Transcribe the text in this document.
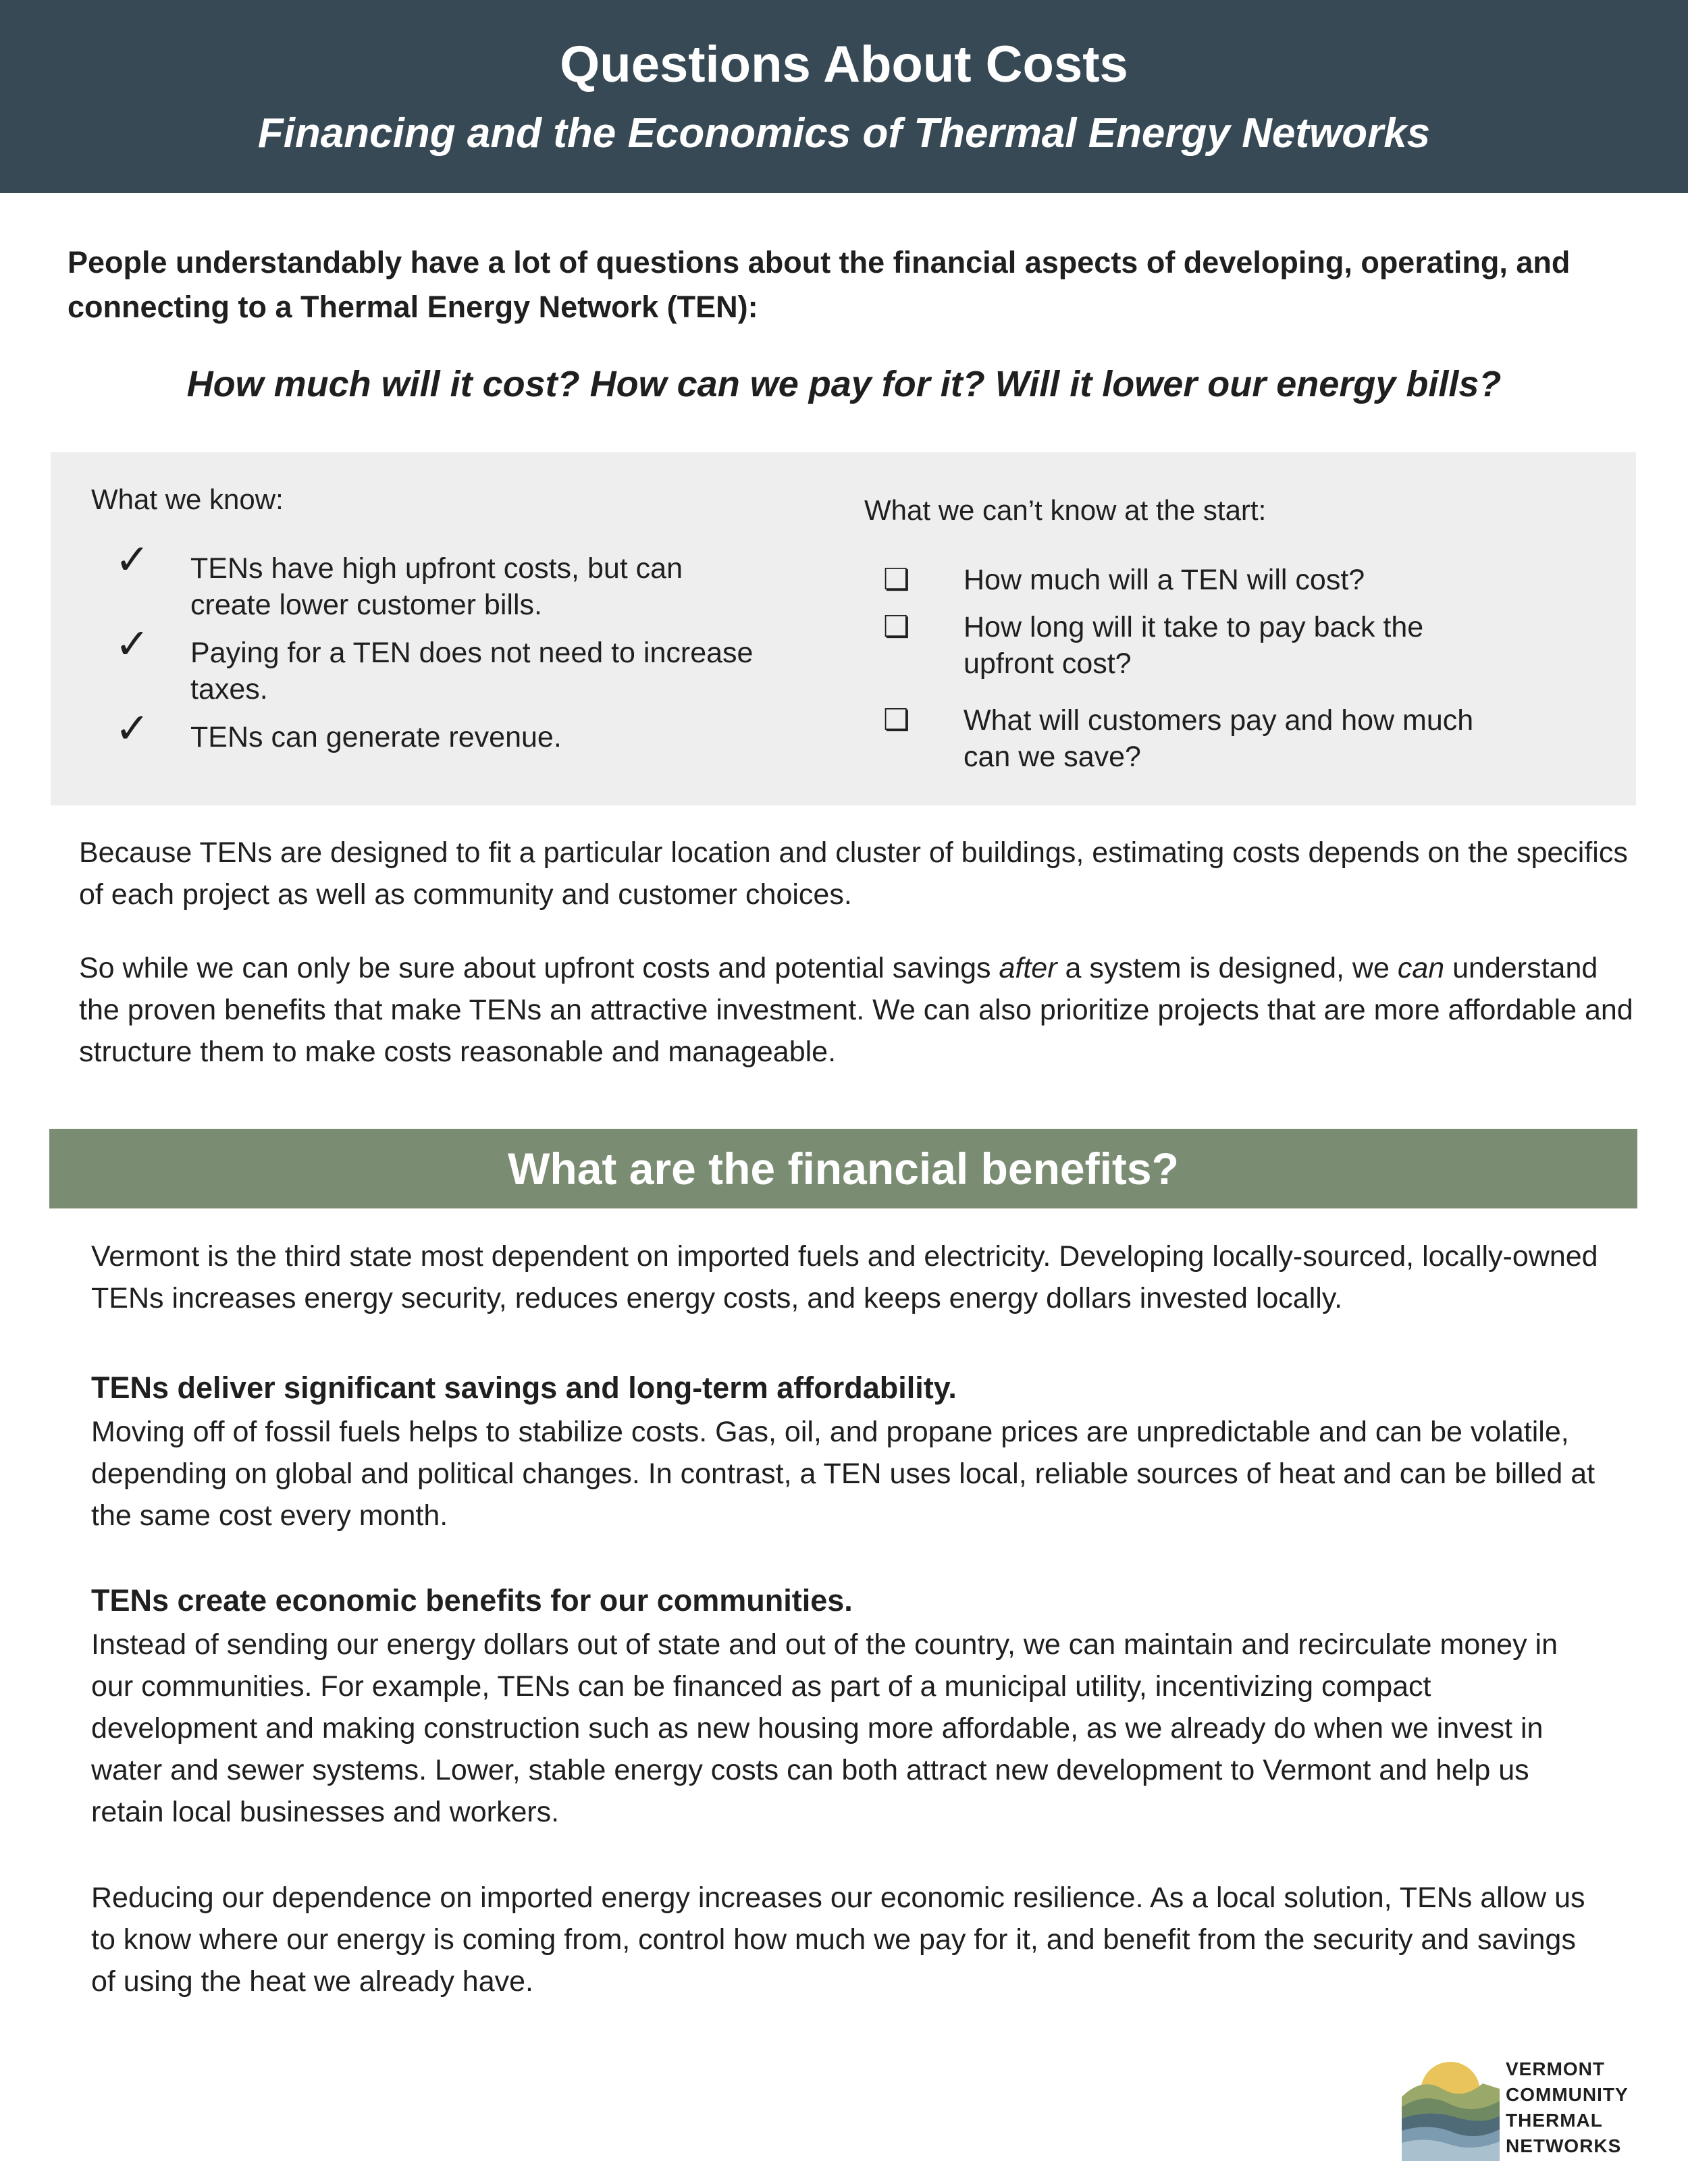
Questions About Costs

Financing and the Economics of Thermal Energy Networks

People understandably have a lot of questions about the financial aspects of developing, operating, and connecting to a Thermal Energy Network (TEN):

How much will it cost? How can we pay for it? Will it lower our energy bills?

What we know:

✓ TENs have high upfront costs, but can create lower customer bills.
✓ Paying for a TEN does not need to increase taxes.
✓ TENs can generate revenue.

What we can’t know at the start:

❏ How much will a TEN will cost?
❏ How long will it take to pay back the upfront cost?
❏ What will customers pay and how much can we save?

Because TENs are designed to fit a particular location and cluster of buildings, estimating costs depends on the specifics of each project as well as community and customer choices.

So while we can only be sure about upfront costs and potential savings after a system is designed, we can understand the proven benefits that make TENs an attractive investment. We can also prioritize projects that are more affordable and structure them to make costs reasonable and manageable.

What are the financial benefits?

Vermont is the third state most dependent on imported fuels and electricity. Developing locally-sourced, locally-owned TENs increases energy security, reduces energy costs, and keeps energy dollars invested locally.

TENs deliver significant savings and long-term affordability.

Moving off of fossil fuels helps to stabilize costs. Gas, oil, and propane prices are unpredictable and can be volatile, depending on global and political changes. In contrast, a TEN uses local, reliable sources of heat and can be billed at the same cost every month.

TENs create economic benefits for our communities.

Instead of sending our energy dollars out of state and out of the country, we can maintain and recirculate money in our communities. For example, TENs can be financed as part of a municipal utility, incentivizing compact development and making construction such as new housing more affordable, as we already do when we invest in water and sewer systems. Lower, stable energy costs can both attract new development to Vermont and help us retain local businesses and workers.

Reducing our dependence on imported energy increases our economic resilience. As a local solution, TENs allow us to know where our energy is coming from, control how much we pay for it, and benefit from the security and savings of using the heat we already have.

VERMONT
COMMUNITY
THERMAL
NETWORKS
